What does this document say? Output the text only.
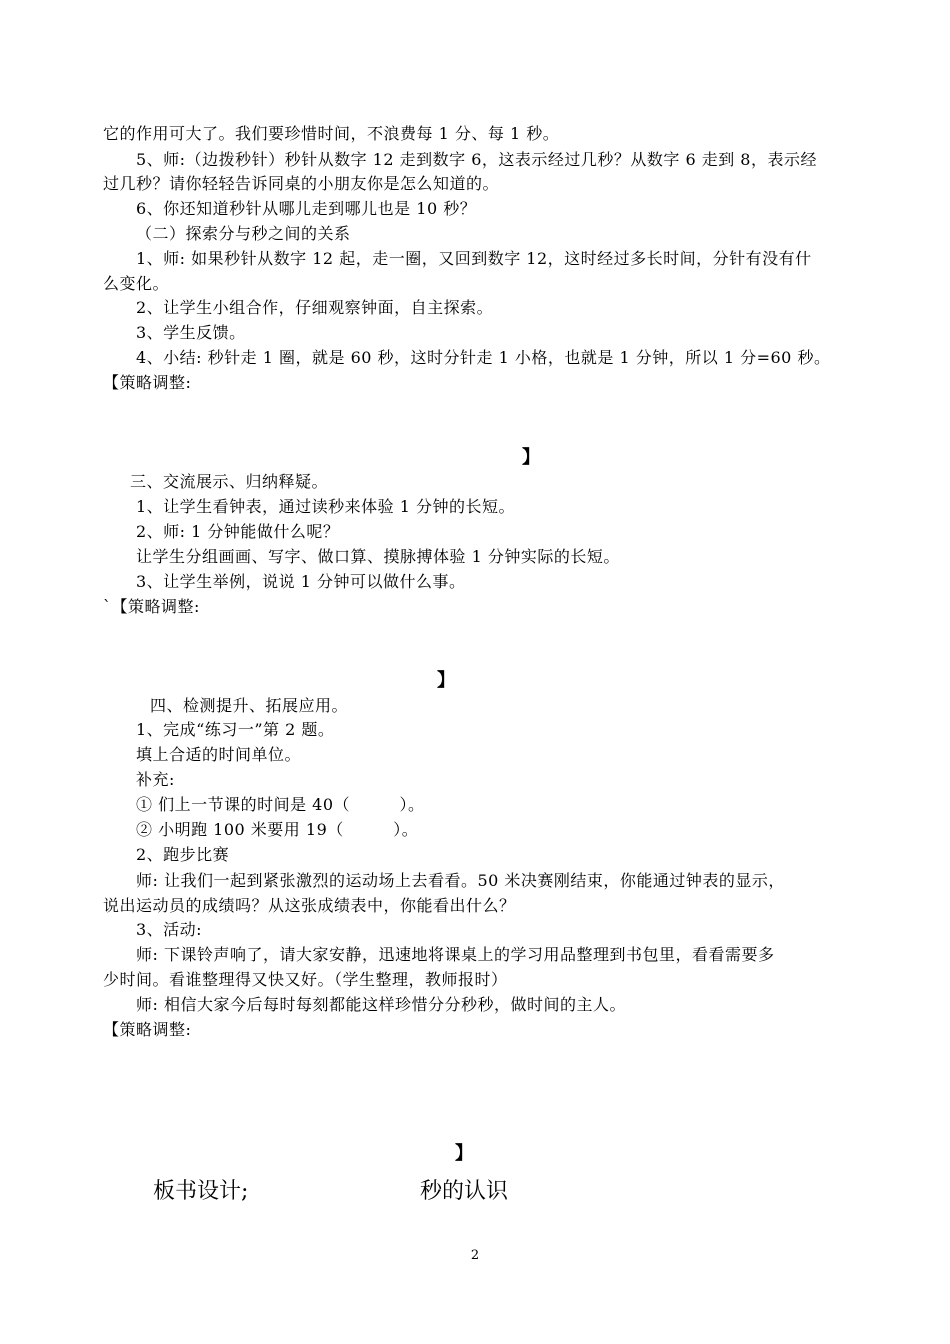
它的作用可大了。我们要珍惜时间，不浪费每 1 分、每 1 秒。
5、师:（边拨秒针）秒针从数字 12 走到数字 6，这表示经过几秒？从数字 6 走到 8，表示经
过几秒？请你轻轻告诉同桌的小朋友你是怎么知道的。
6、你还知道秒针从哪儿走到哪儿也是 10 秒？
（二）探索分与秒之间的关系
1、师: 如果秒针从数字 12 起，走一圈，又回到数字 12，这时经过多长时间，分针有没有什
么变化。
2、让学生小组合作，仔细观察钟面，自主探索。
3、学生反馈。
4、小结: 秒针走 1 圈，就是 60 秒，这时分针走 1 小格，也就是 1 分钟，所以 1 分=60 秒。
【策略调整:
】
三、交流展示、归纳释疑。
1、让学生看钟表，通过读秒来体验 1 分钟的长短。
2、师: 1 分钟能做什么呢？
让学生分组画画、写字、做口算、摸脉搏体验 1 分钟实际的长短。
3、让学生举例，说说 1 分钟可以做什么事。
`【策略调整:
】
四、检测提升、拓展应用。
1、完成“练习一”第 2 题。
填上合适的时间单位。
补充:
① 们上一节课的时间是 40（　　　）。
② 小明跑 100 米要用 19（　　　）。
2、跑步比赛
师: 让我们一起到紧张激烈的运动场上去看看。50 米决赛刚结束，你能通过钟表的显示，
说出运动员的成绩吗？从这张成绩表中，你能看出什么？
3、活动:
师: 下课铃声响了，请大家安静，迅速地将课桌上的学习用品整理到书包里，看看需要多
少时间。看谁整理得又快又好。（学生整理，教师报时）
师: 相信大家今后每时每刻都能这样珍惜分分秒秒，做时间的主人。
【策略调整:
】
板书设计;	秒的认识
2
